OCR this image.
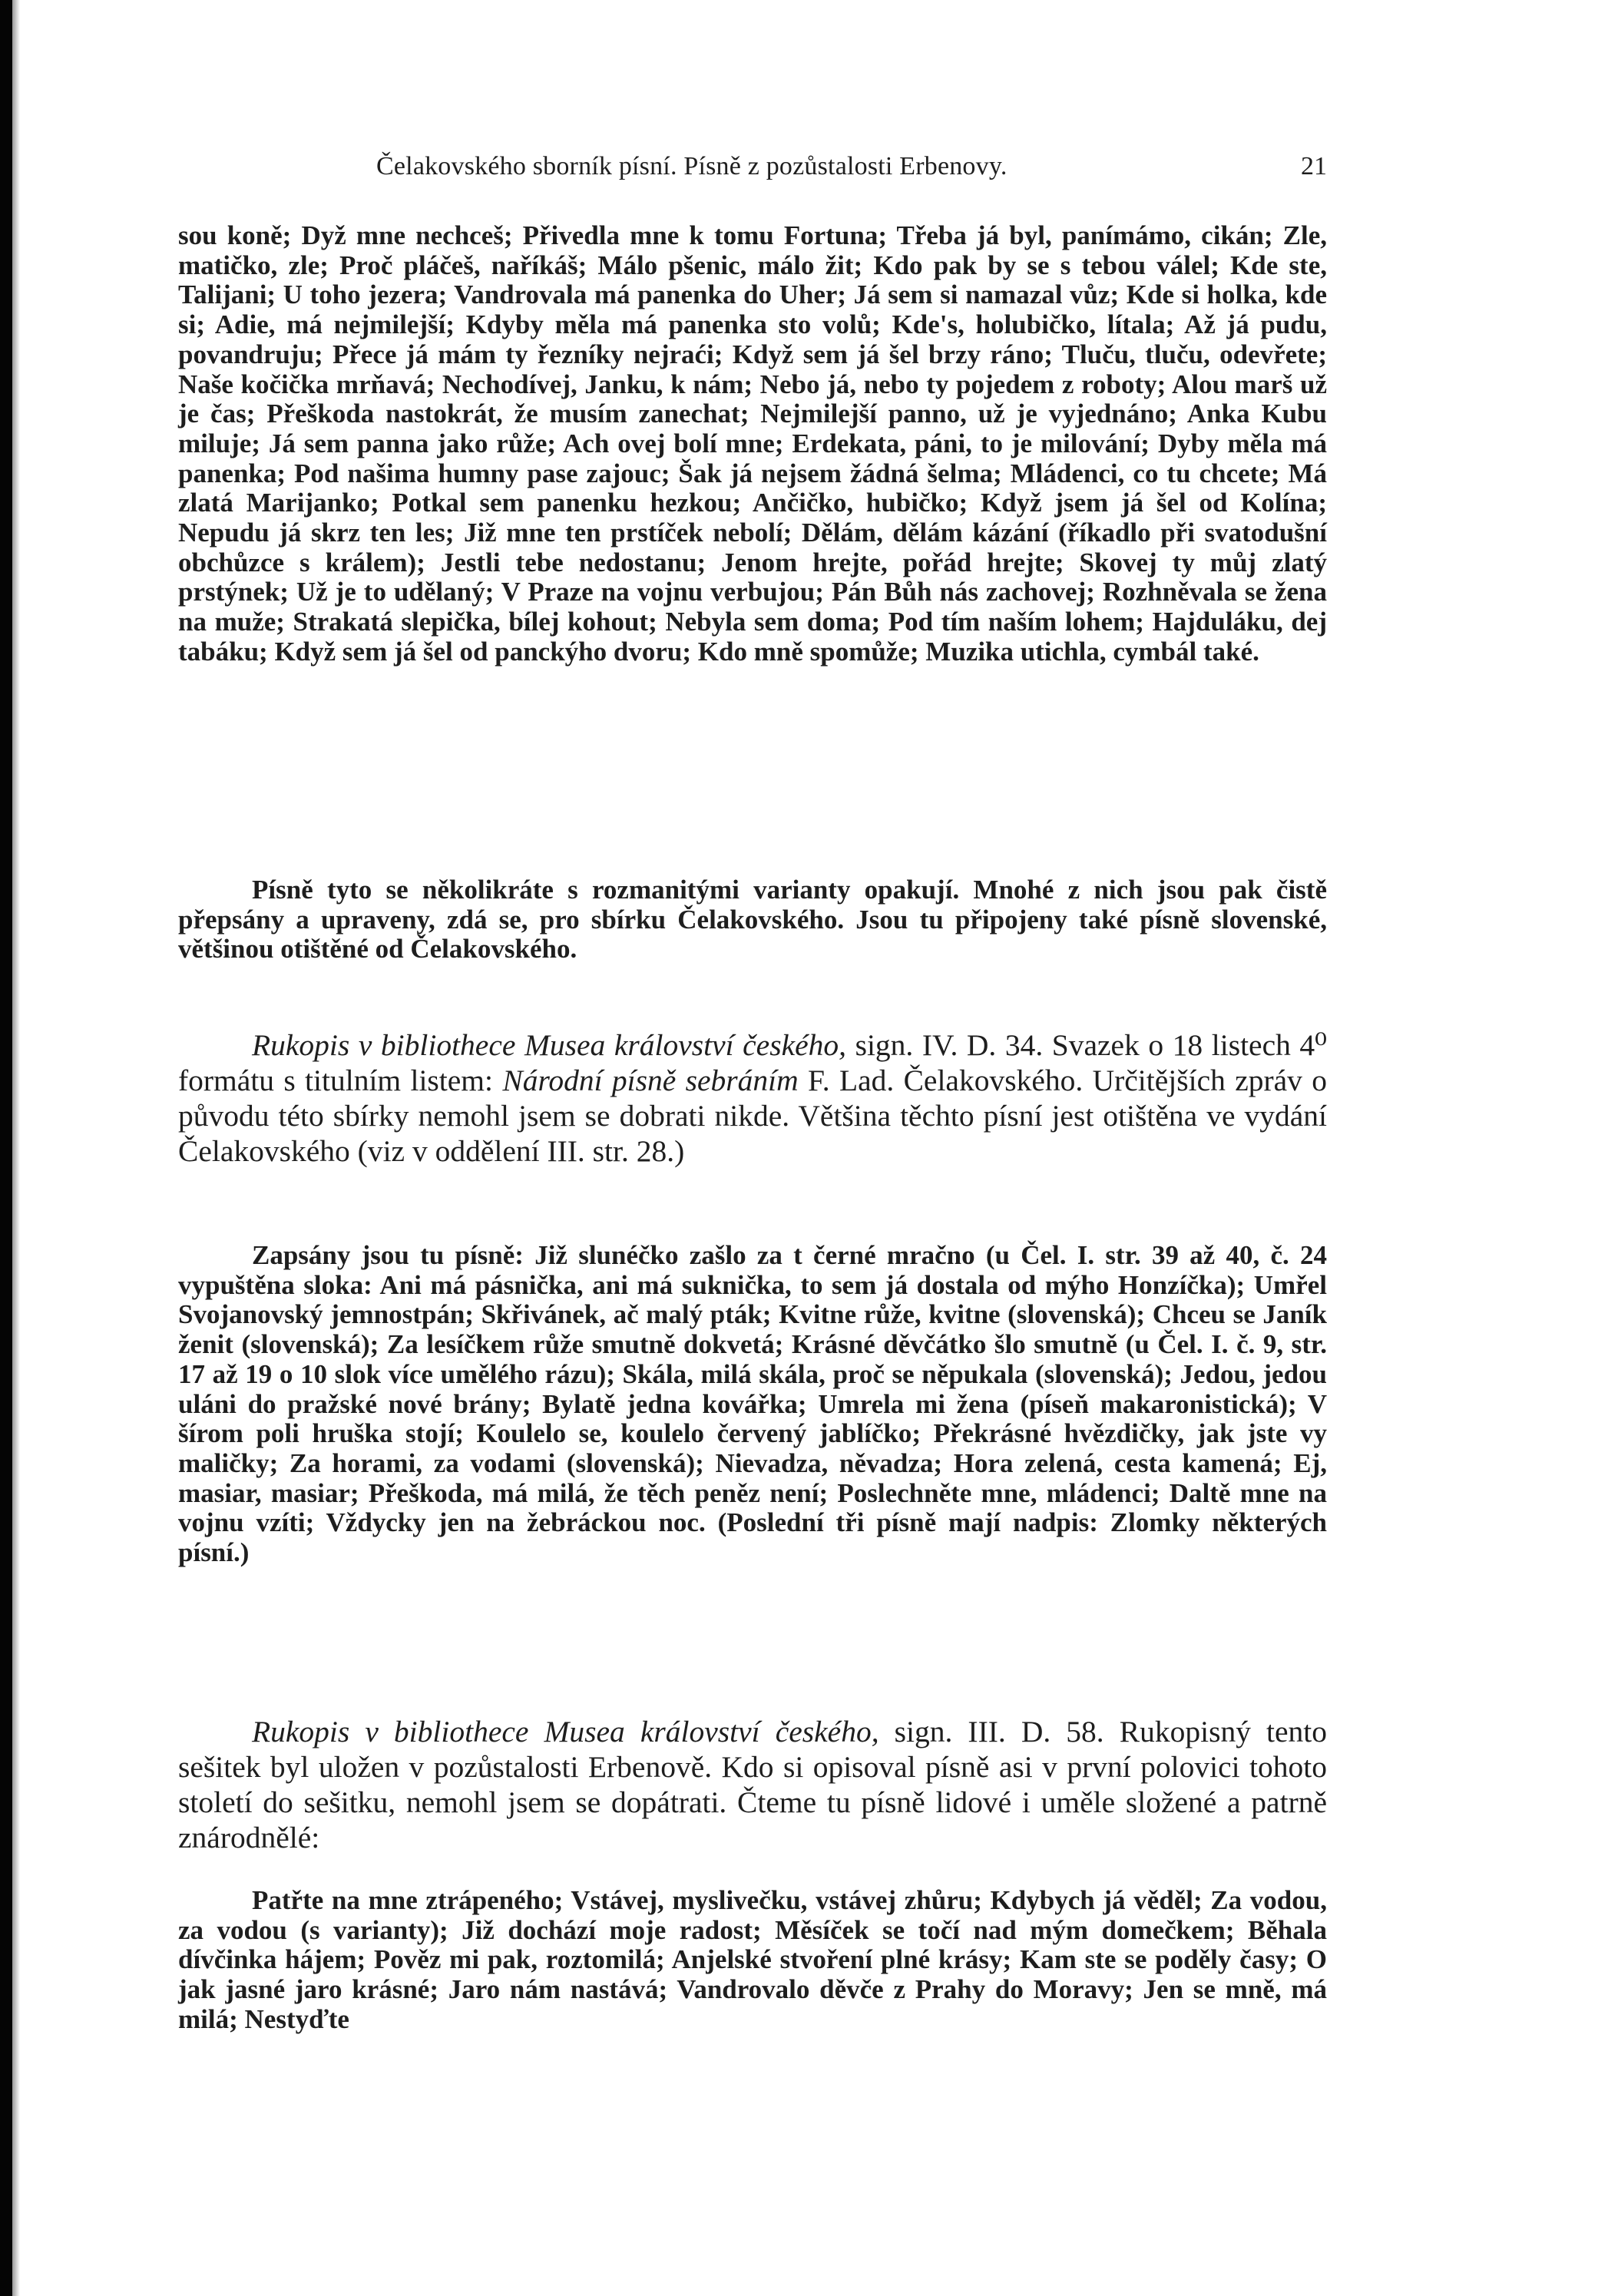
Čelakovského sborník písní. Písně z pozůstalosti Erbenovy.	21

sou koně; Dyž mne nechceš; Přivedla mne k tomu Fortuna; Třeba já byl, panímámo, cikán; Zle, matičko, zle; Proč pláčeš, naříkáš; Málo pšenic, málo žit; Kdo pak by se s tebou válel; Kde ste, Talijani; U toho jezera; Vandrovala má panenka do Uher; Já sem si namazal vůz; Kde si holka, kde si; Adie, má nejmilejší; Kdyby měla má panenka sto volů; Kde's, holubičko, lítala; Až já pudu, povandruju; Přece já mám ty řezníky nejraći; Když sem já šel brzy ráno; Tluču, tluču, odevřete; Naše kočička mrňavá; Nechodívej, Janku, k nám; Nebo já, nebo ty pojedem z roboty; Alou marš už je čas; Přeškoda nastokrát, že musím zanechat; Nejmilejší panno, už je vyjednáno; Anka Kubu miluje; Já sem panna jako růže; Ach ovej bolí mne; Erdekata, páni, to je milování; Dyby měla má panenka; Pod našima humny pase zajouc; Šak já nejsem žádná šelma; Mládenci, co tu chcete; Má zlatá Marijanko; Potkal sem panenku hezkou; Ančičko, hubičko; Když jsem já šel od Kolína; Nepudu já skrz ten les; Již mne ten prstíček nebolí; Dělám, dělám kázání (říkadlo při svatodušní obchůzce s králem); Jestli tebe nedostanu; Jenom hrejte, pořád hrejte; Skovej ty můj zlatý prstýnek; Už je to udělaný; V Praze na vojnu verbujou; Pán Bůh nás zachovej; Rozhněvala se žena na muže; Strakatá slepička, bílej kohout; Nebyla sem doma; Pod tím naším lohem; Hajduláku, dej tabáku; Když sem já šel od panckýho dvoru; Kdo mně spomůže; Muzika utichla, cymbál také.

Písně tyto se několikráte s rozmanitými varianty opakují. Mnohé z nich jsou pak čistě přepsány a upraveny, zdá se, pro sbírku Čelakovského. Jsou tu připojeny také písně slovenské, většinou otištěné od Čelakovského.

Rukopis v bibliothece Musea království českého, sign. IV. D. 34. Svazek o 18 listech 4⁰ formátu s titulním listem: Národní písně sebráním F. Lad. Čelakovského. Určitějších zpráv o původu této sbírky nemohl jsem se dobrati nikde. Většina těchto písní jest otištěna ve vydání Čelakovského (viz v oddělení III. str. 28.)

Zapsány jsou tu písně: Již slunéčko zašlo za t černé mračno (u Čel. I. str. 39 až 40, č. 24 vypuštěna sloka: Ani má pásnička, ani má suknička, to sem já dostala od mýho Honzíčka); Umřel Svojanovský jemnostpán; Skřivánek, ač malý pták; Kvitne růže, kvitne (slovenská); Chceu se Janík ženit (slovenská); Za lesíčkem růže smutně dokvetá; Krásné děvčátko šlo smutně (u Čel. I. č. 9, str. 17 až 19 o 10 slok více umělého rázu); Skála, milá skála, proč se něpukala (slovenská); Jedou, jedou uláni do pražské nové brány; Bylatě jedna kovářka; Umrela mi žena (píseň makaronistická); V šírom poli hruška stojí; Koulelo se, koulelo červený jablíčko; Překrásné hvězdičky, jak jste vy maličky; Za horami, za vodami (slovenská); Nievadza, něvadza; Hora zelená, cesta kamená; Ej, masiar, masiar; Přeškoda, má milá, že těch peněz není; Poslechněte mne, mládenci; Daltě mne na vojnu vzíti; Vždycky jen na žebráckou noc. (Poslední tři písně mají nadpis: Zlomky některých písní.)

Rukopis v bibliothece Musea království českého, sign. III. D. 58. Rukopisný tento sešitek byl uložen v pozůstalosti Erbenově. Kdo si opisoval písně asi v první polovici tohoto století do sešitku, nemohl jsem se dopátrati. Čteme tu písně lidové i uměle složené a patrně znárodnělé:

Patřte na mne ztrápeného; Vstávej, myslivečku, vstávej zhůru; Kdybych já věděl; Za vodou, za vodou (s varianty); Již dochází moje radost; Měsíček se točí nad mým domečkem; Běhala dívčinka hájem; Pověz mi pak, roztomilá; Anjelské stvoření plné krásy; Kam ste se poděly časy; O jak jasné jaro krásné; Jaro nám nastává; Vandrovalo děvče z Prahy do Moravy; Jen se mně, má milá; Nestyďte
